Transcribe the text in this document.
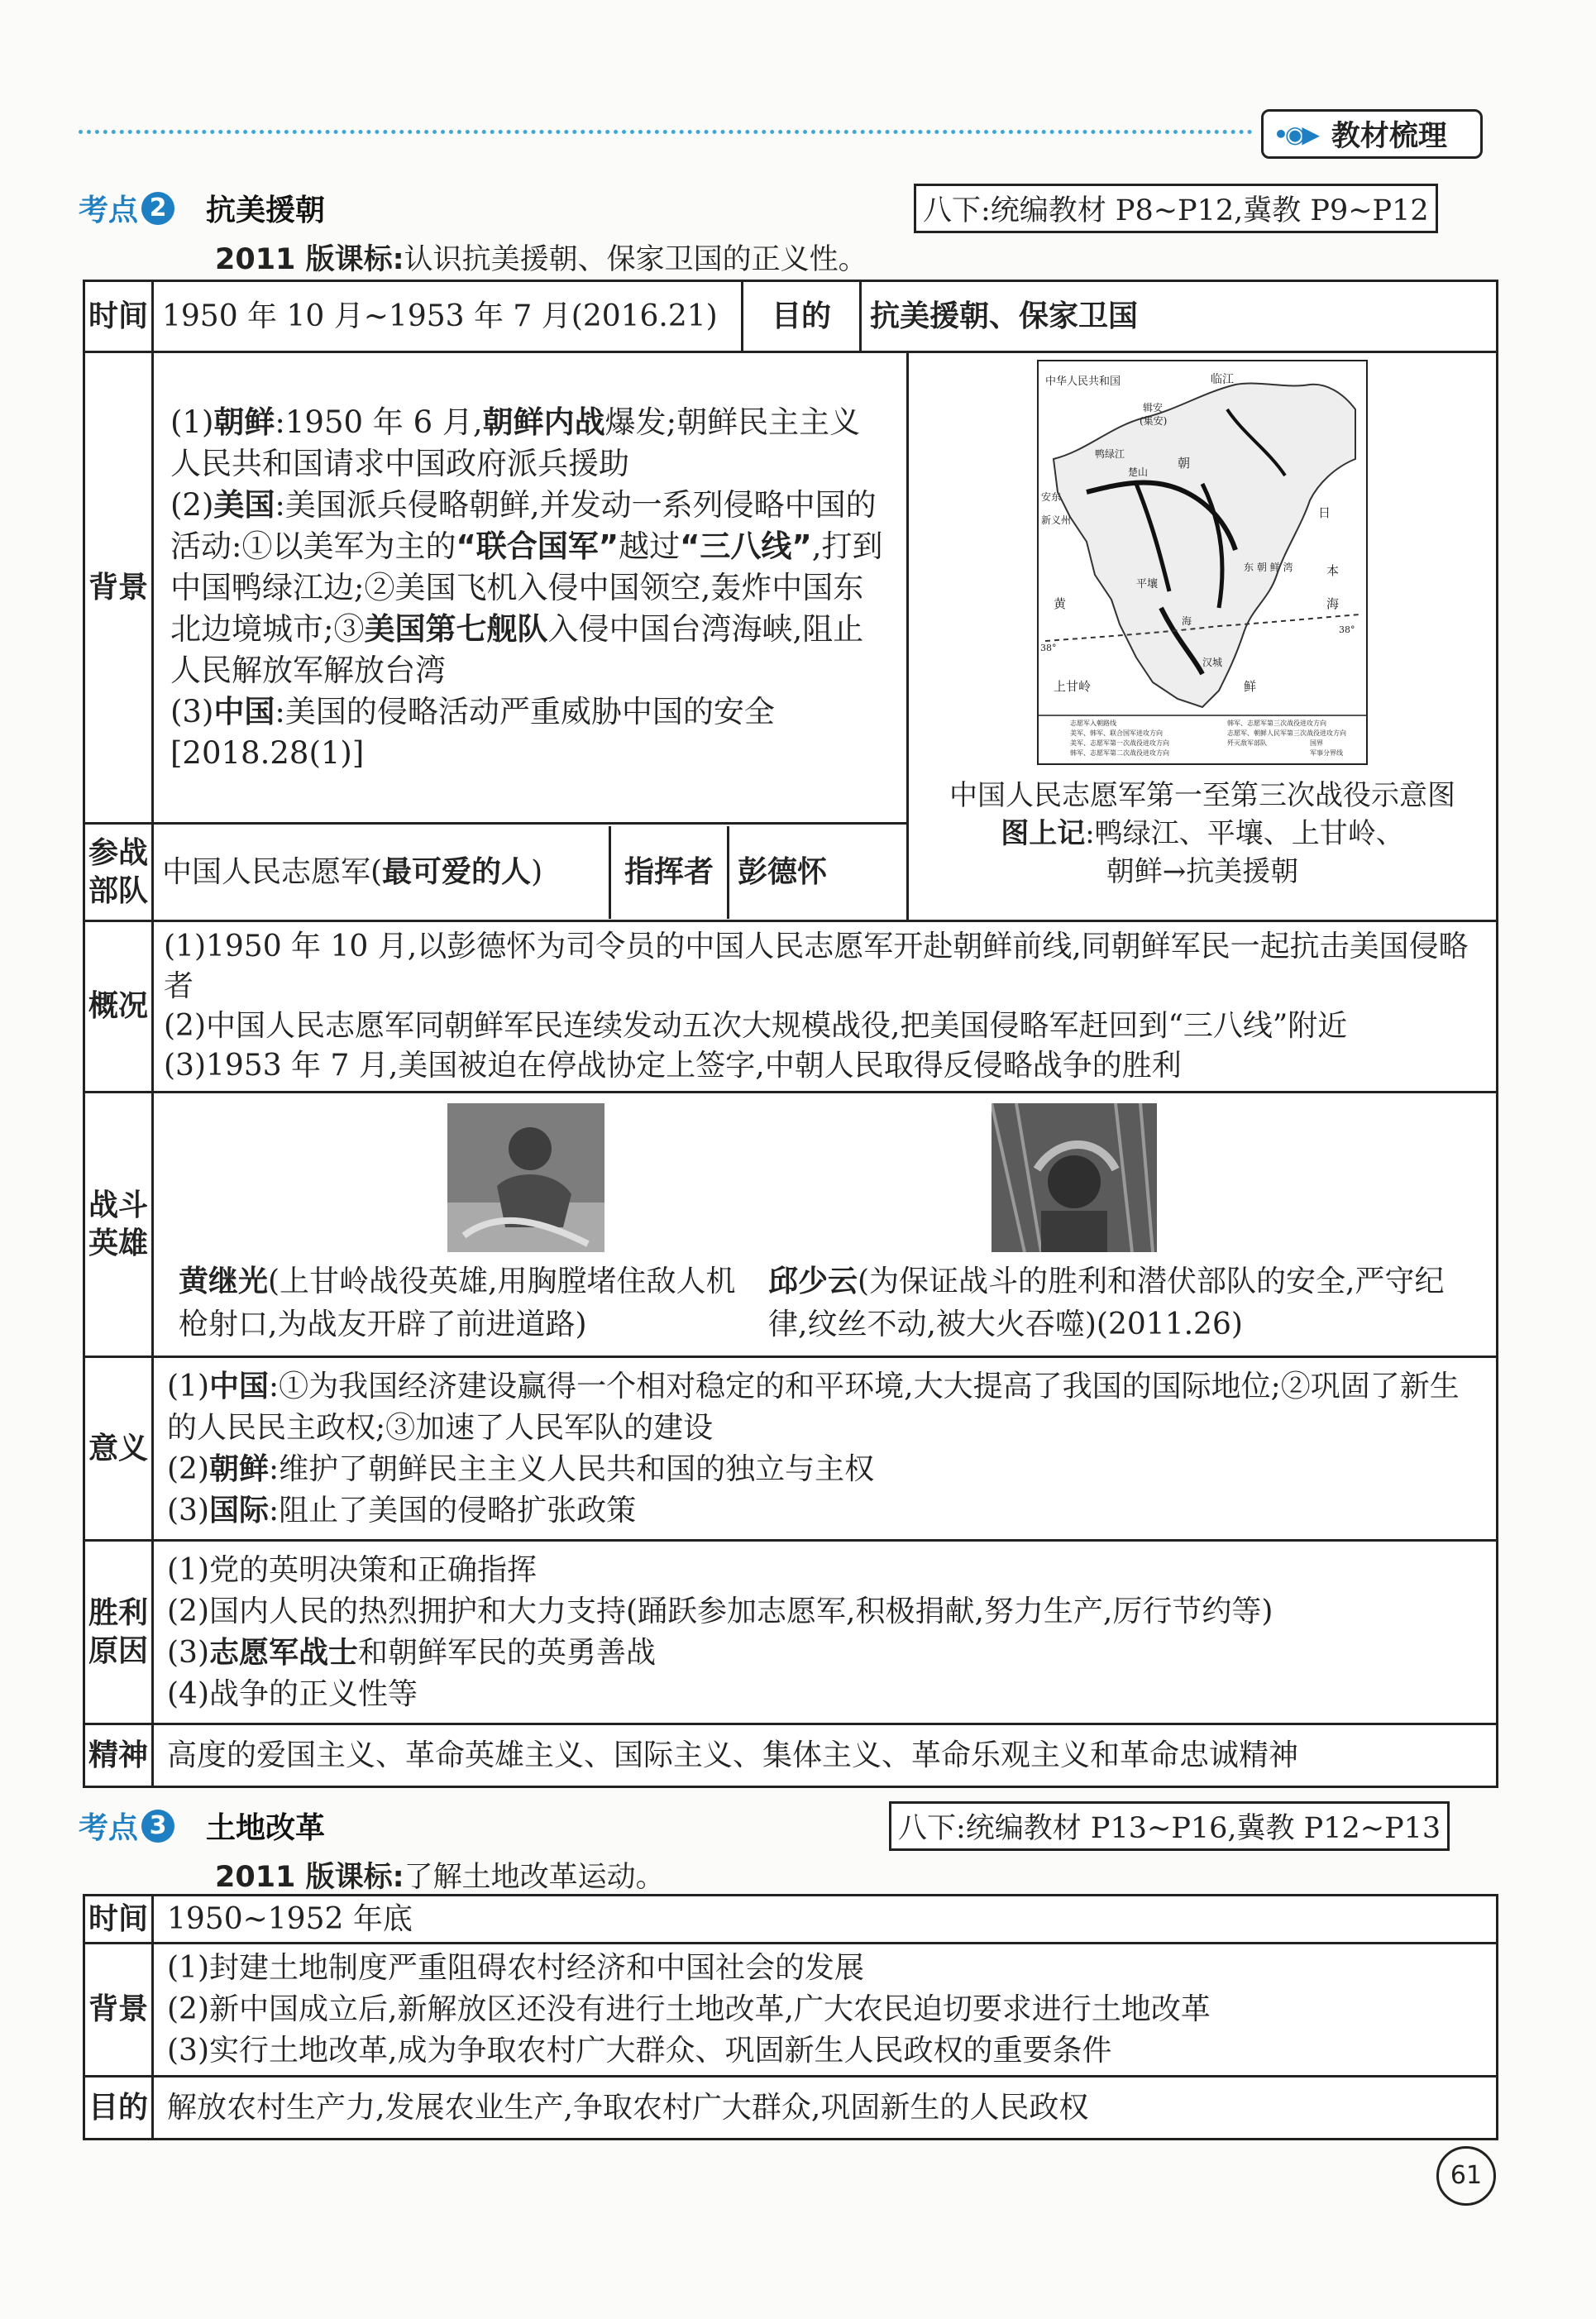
•◉▶ 教材梳理
考点 2 抗美援朝	八下:统编教材 P8~P12,冀教 P9~P12
2011 版课标:认识抗美援朝、保家卫国的正义性。
时间	1950 年 10 月~1953 年 7 月(2016.21)	目的	抗美援朝、保家卫国
背景	
(1)朝鲜:1950 年 6 月,朝鲜内战爆发;朝鲜民主主义人民共和国请求中国政府派兵援助
(2)美国:美国派兵侵略朝鲜,并发动一系列侵略中国的活动:①以美军为主的“联合国军”越过“三八线”,打到中国鸭绿江边;②美国飞机入侵中国领空,轰炸中国东北边境城市;③美国第七舰队入侵中国台湾海峡,阻止人民解放军解放台湾
(3)中国:美国的侵略活动严重威胁中国的安全[2018.28(1)]

中华人民共和国	临江
辑安
(集安)
鸭绿江
楚山
安东
新义州
朝
日
本
东 朝 鲜 湾
平壤
黄
海
上甘岭
海
鲜
汉城
38°
38°
志愿军入朝路线
美军、韩军、联合国军进攻方向
美军、志愿军第一次战役进攻方向
韩军、志愿军第二次战役进攻方向
韩军、志愿军第三次战役进攻方向
志愿军、朝鲜人民军第三次战役进攻方向
歼灭敌军部队	国界
军事分界线
中国人民志愿军第一至第三次战役示意图
图上记:鸭绿江、平壤、上甘岭、
朝鲜→抗美援朝

参战部队	
中国人民志愿军(最可爱的人)	指挥者	彭德怀
概况	(1)1950 年 10 月,以彭德怀为司令员的中国人民志愿军开赴朝鲜前线,同朝鲜军民一起抗击美国侵略者
(2)中国人民志愿军同朝鲜军民连续发动五次大规模战役,把美国侵略军赶回到“三八线”附近
(3)1953 年 7 月,美国被迫在停战协定上签字,中朝人民取得反侵略战争的胜利

战斗英雄	黄继光(上甘岭战役英雄,用胸膛堵住敌人机枪射口,为战友开辟了前进道路)
邱少云(为保证战斗的胜利和潜伏部队的安全,严守纪律,纹丝不动,被大火吞噬)(2011.26)

意义	(1)中国:①为我国经济建设赢得一个相对稳定的和平环境,大大提高了我国的国际地位;②巩固了新生的人民民主政权;③加速了人民军队的建设
(2)朝鲜:维护了朝鲜民主主义人民共和国的独立与主权
(3)国际:阻止了美国的侵略扩张政策

胜利原因	(1)党的英明决策和正确指挥
(2)国内人民的热烈拥护和大力支持(踊跃参加志愿军,积极捐献,努力生产,厉行节约等)
(3)志愿军战士和朝鲜军民的英勇善战
(4)战争的正义性等

精神	高度的爱国主义、革命英雄主义、国际主义、集体主义、革命乐观主义和革命忠诚精神
考点 3 土地改革	八下:统编教材 P13~P16,冀教 P12~P13
2011 版课标:了解土地改革运动。
时间	1950~1952 年底
背景	(1)封建土地制度严重阻碍农村经济和中国社会的发展
(2)新中国成立后,新解放区还没有进行土地改革,广大农民迫切要求进行土地改革
(3)实行土地改革,成为争取农村广大群众、巩固新生人民政权的重要条件

目的	解放农村生产力,发展农业生产,争取农村广大群众,巩固新生的人民政权
61
